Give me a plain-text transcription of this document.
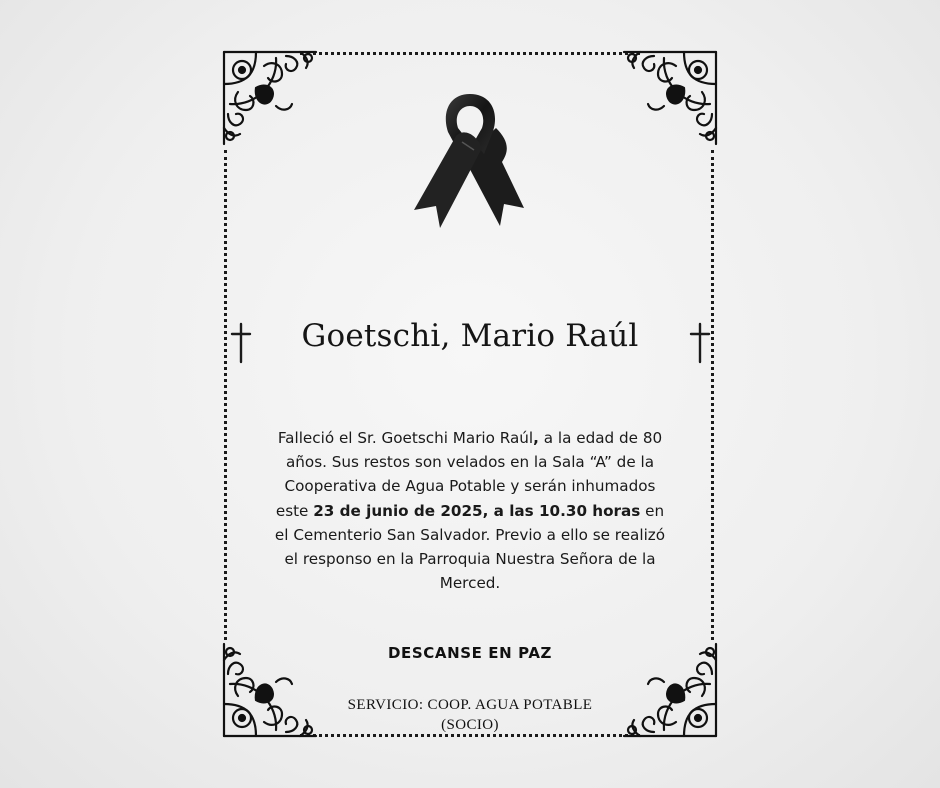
Goetschi, Mario Raúl
Falleció el Sr. Goetschi Mario Raúl, a la edad de 80 años. Sus restos son velados en la Sala “A” de la Cooperativa de Agua Potable y serán inhumados este 23 de junio de 2025, a las 10.30 horas en el Cementerio San Salvador. Previo a ello se realizó el responso en la Parroquia Nuestra Señora de la Merced.
DESCANSE EN PAZ
SERVICIO: COOP. AGUA POTABLE
(SOCIO)
